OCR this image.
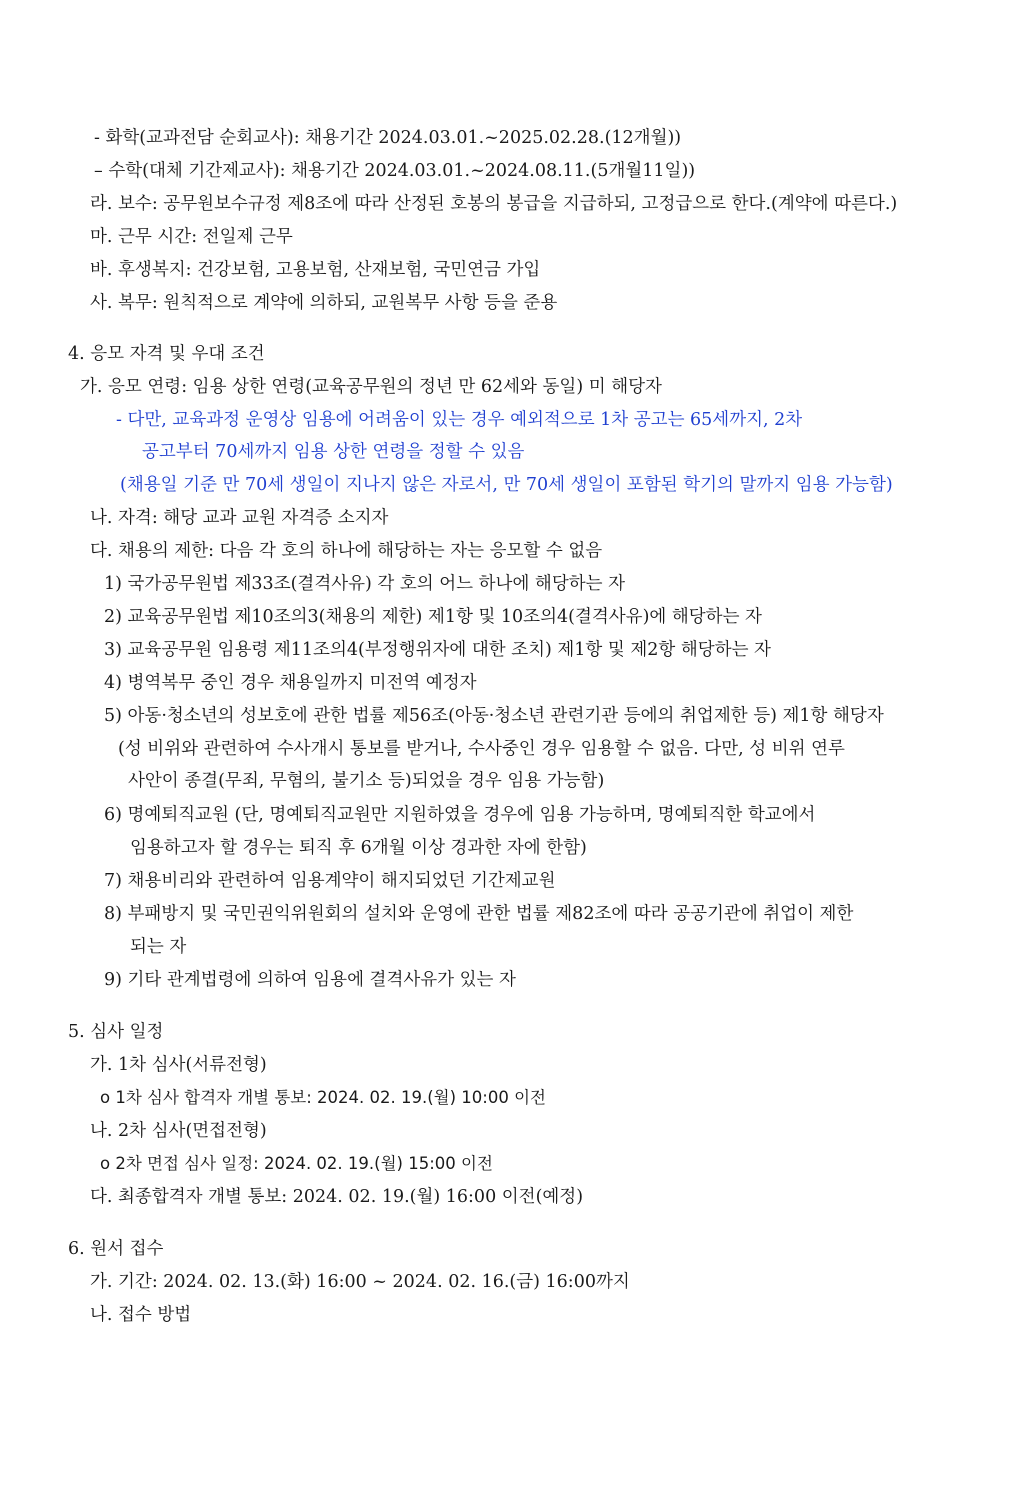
- 화학(교과전담 순회교사): 채용기간 2024.03.01.~2025.02.28.(12개월))
– 수학(대체 기간제교사): 채용기간 2024.03.01.~2024.08.11.(5개월11일))
라. 보수: 공무원보수규정 제8조에 따라 산정된 호봉의 봉급을 지급하되, 고정급으로 한다.(계약에 따른다.)
마. 근무 시간: 전일제 근무
바. 후생복지: 건강보험, 고용보험, 산재보험, 국민연금 가입
사. 복무: 원칙적으로 계약에 의하되, 교원복무 사항 등을 준용
4. 응모 자격 및 우대 조건
가. 응모 연령: 임용 상한 연령(교육공무원의 정년 만 62세와 동일) 미 해당자
- 다만, 교육과정 운영상 임용에 어려움이 있는 경우 예외적으로 1차 공고는 65세까지, 2차
공고부터 70세까지 임용 상한 연령을 정할 수 있음
(채용일 기준 만 70세 생일이 지나지 않은 자로서, 만 70세 생일이 포함된 학기의 말까지 임용 가능함)
나. 자격: 해당 교과 교원 자격증 소지자
다. 채용의 제한: 다음 각 호의 하나에 해당하는 자는 응모할 수 없음
1) 국가공무원법 제33조(결격사유) 각 호의 어느 하나에 해당하는 자
2) 교육공무원법 제10조의3(채용의 제한) 제1항 및 10조의4(결격사유)에 해당하는 자
3) 교육공무원 임용령 제11조의4(부정행위자에 대한 조치) 제1항 및 제2항 해당하는 자
4) 병역복무 중인 경우 채용일까지 미전역 예정자
5) 아동·청소년의 성보호에 관한 법률 제56조(아동·청소년 관련기관 등에의 취업제한 등) 제1항 해당자
(성 비위와 관련하여 수사개시 통보를 받거나, 수사중인 경우 임용할 수 없음. 다만, 성 비위 연루
사안이 종결(무죄, 무혐의, 불기소 등)되었을 경우 임용 가능함)
6) 명예퇴직교원 (단, 명예퇴직교원만 지원하였을 경우에 임용 가능하며, 명예퇴직한 학교에서
임용하고자 할 경우는 퇴직 후 6개월 이상 경과한 자에 한함)
7) 채용비리와 관련하여 임용계약이 해지되었던 기간제교원
8) 부패방지 및 국민권익위원회의 설치와 운영에 관한 법률 제82조에 따라 공공기관에 취업이 제한
되는 자
9) 기타 관계법령에 의하여 임용에 결격사유가 있는 자
5. 심사 일정
가. 1차 심사(서류전형)
o 1차 심사 합격자 개별 통보: 2024. 02. 19.(월) 10:00 이전
나. 2차 심사(면접전형)
o 2차 면접 심사 일정: 2024. 02. 19.(월) 15:00 이전
다. 최종합격자 개별 통보: 2024. 02. 19.(월) 16:00 이전(예정)
6. 원서 접수
가. 기간: 2024. 02. 13.(화) 16:00 ~ 2024. 02. 16.(금) 16:00까지
나. 접수 방법
